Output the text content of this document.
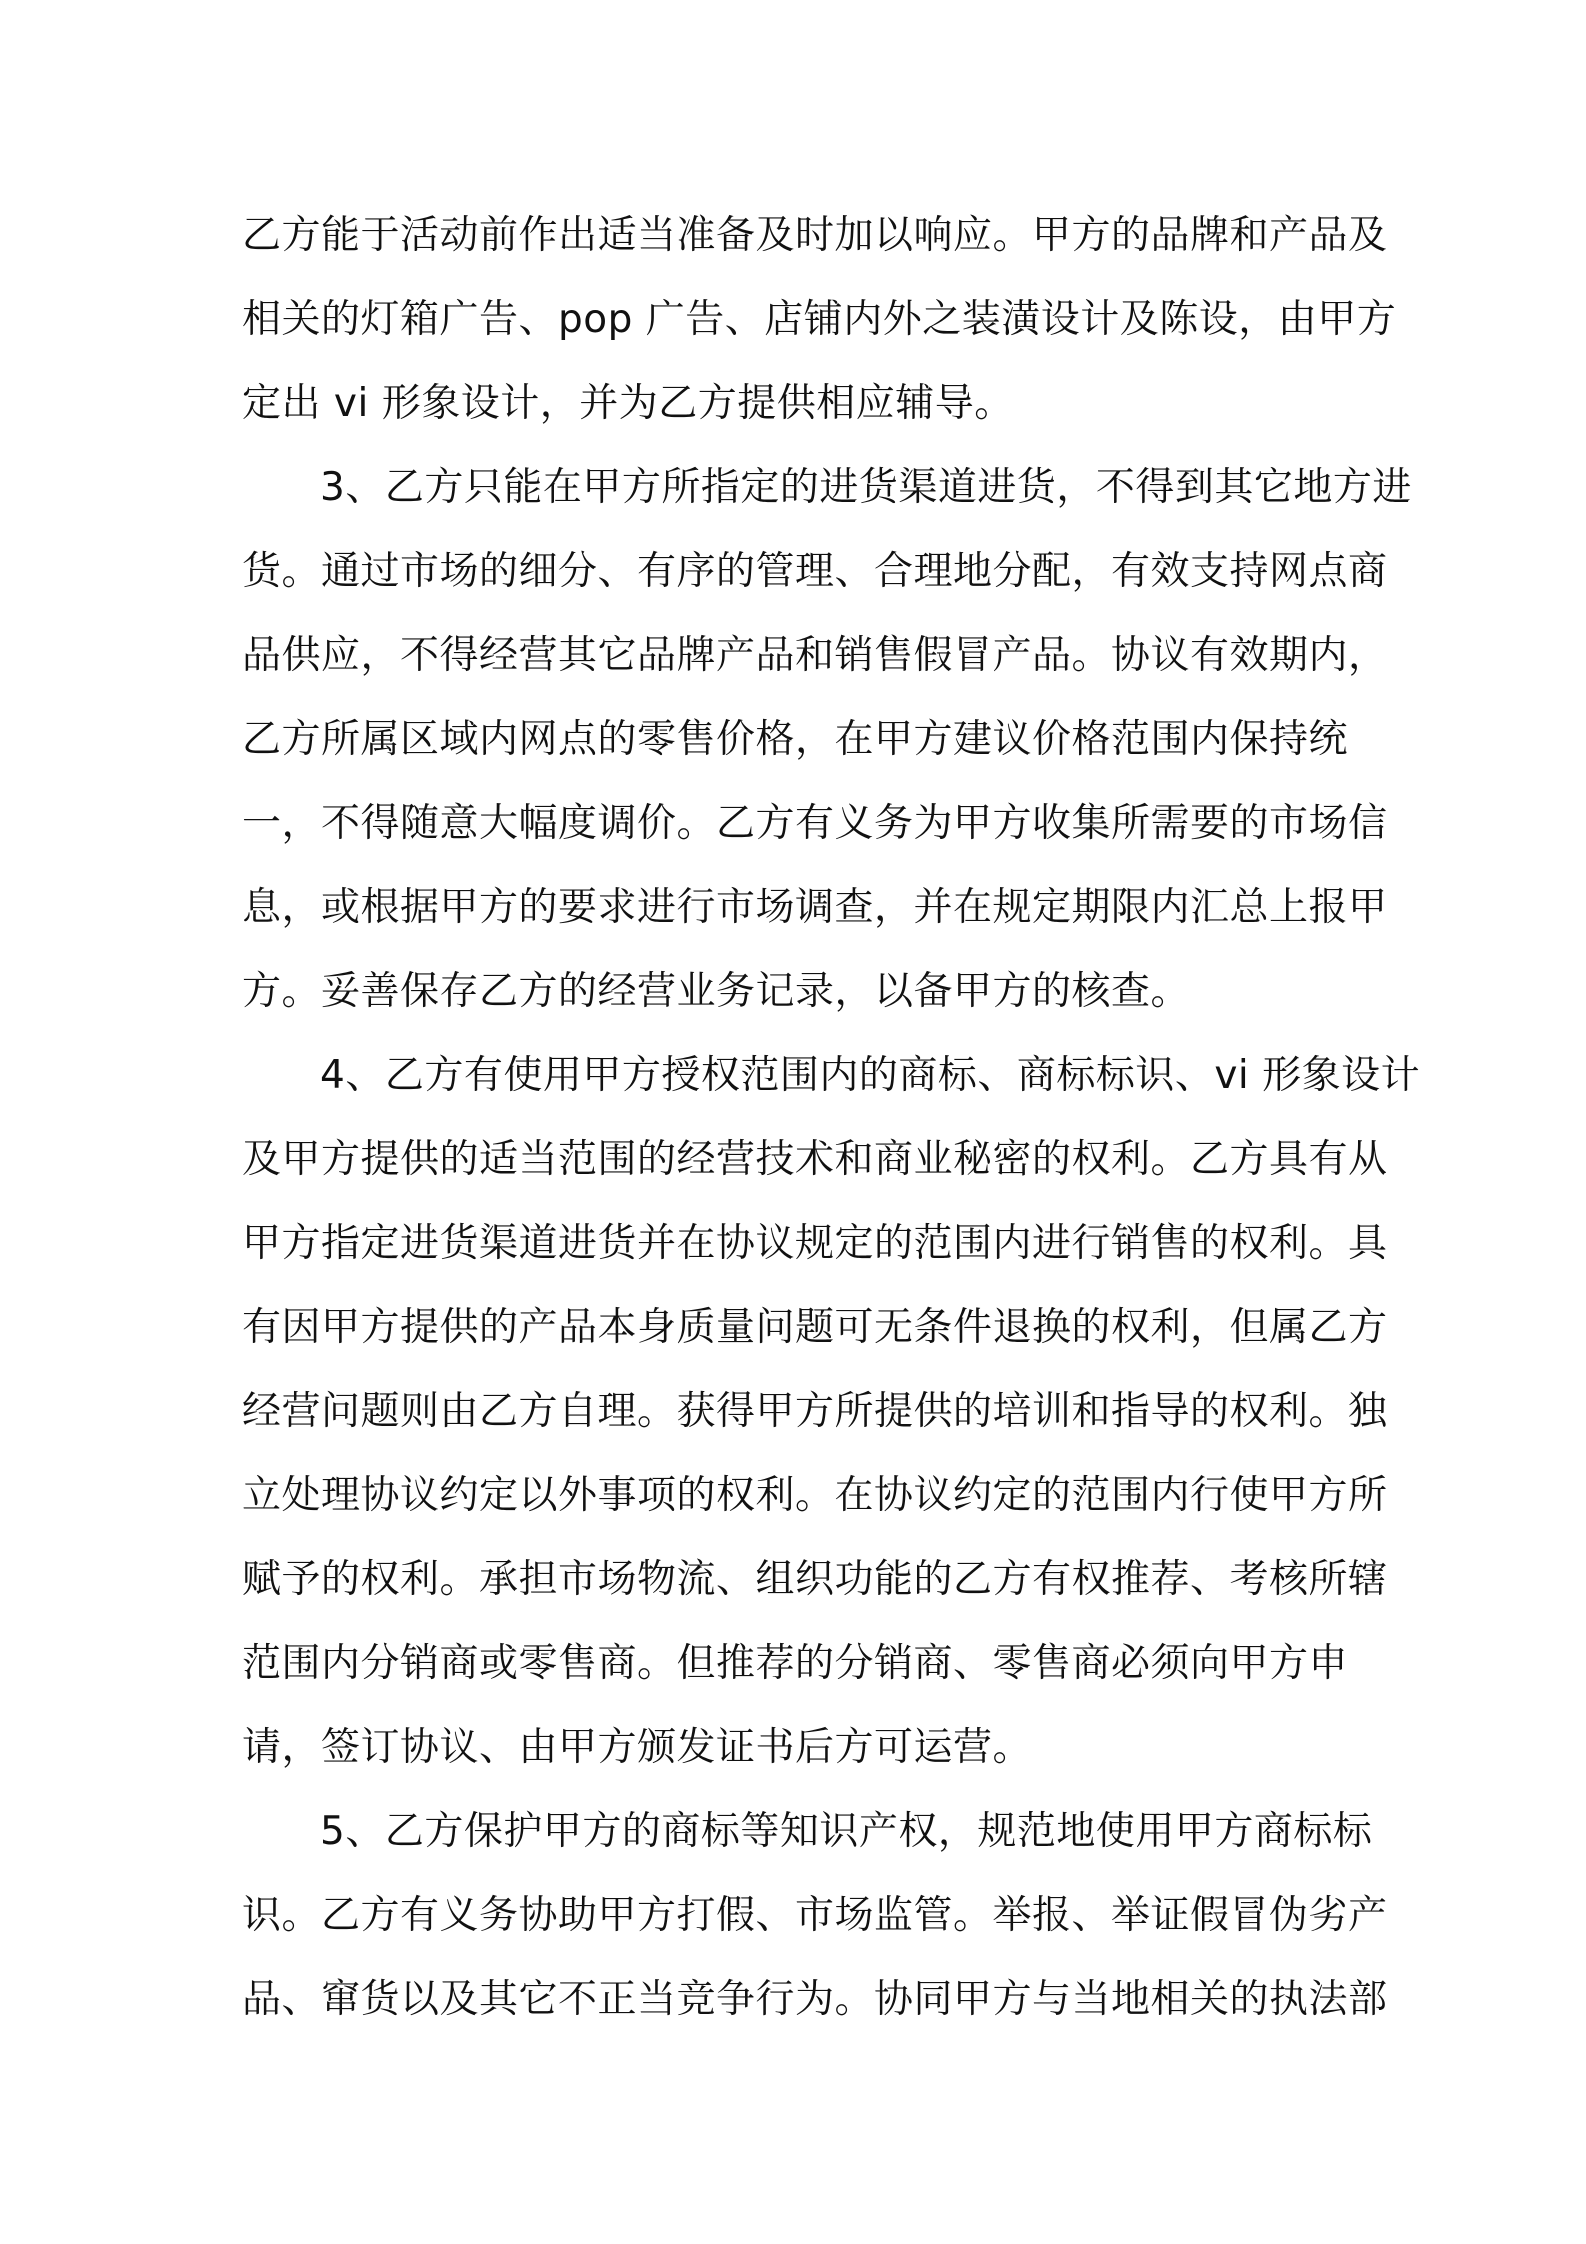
乙方能于活动前作出适当准备及时加以响应。甲方的品牌和产品及
相关的灯箱广告、pop 广告、店铺内外之装潢设计及陈设，由甲方
定出 vi 形象设计，并为乙方提供相应辅导。
3、乙方只能在甲方所指定的进货渠道进货，不得到其它地方进
货。通过市场的细分、有序的管理、合理地分配，有效支持网点商
品供应，不得经营其它品牌产品和销售假冒产品。协议有效期内，
乙方所属区域内网点的零售价格，在甲方建议价格范围内保持统
一，不得随意大幅度调价。乙方有义务为甲方收集所需要的市场信
息，或根据甲方的要求进行市场调查，并在规定期限内汇总上报甲
方。妥善保存乙方的经营业务记录，以备甲方的核查。
4、乙方有使用甲方授权范围内的商标、商标标识、vi 形象设计
及甲方提供的适当范围的经营技术和商业秘密的权利。乙方具有从
甲方指定进货渠道进货并在协议规定的范围内进行销售的权利。具
有因甲方提供的产品本身质量问题可无条件退换的权利，但属乙方
经营问题则由乙方自理。获得甲方所提供的培训和指导的权利。独
立处理协议约定以外事项的权利。在协议约定的范围内行使甲方所
赋予的权利。承担市场物流、组织功能的乙方有权推荐、考核所辖
范围内分销商或零售商。但推荐的分销商、零售商必须向甲方申
请，签订协议、由甲方颁发证书后方可运营。
5、乙方保护甲方的商标等知识产权，规范地使用甲方商标标
识。乙方有义务协助甲方打假、市场监管。举报、举证假冒伪劣产
品、窜货以及其它不正当竞争行为。协同甲方与当地相关的执法部
